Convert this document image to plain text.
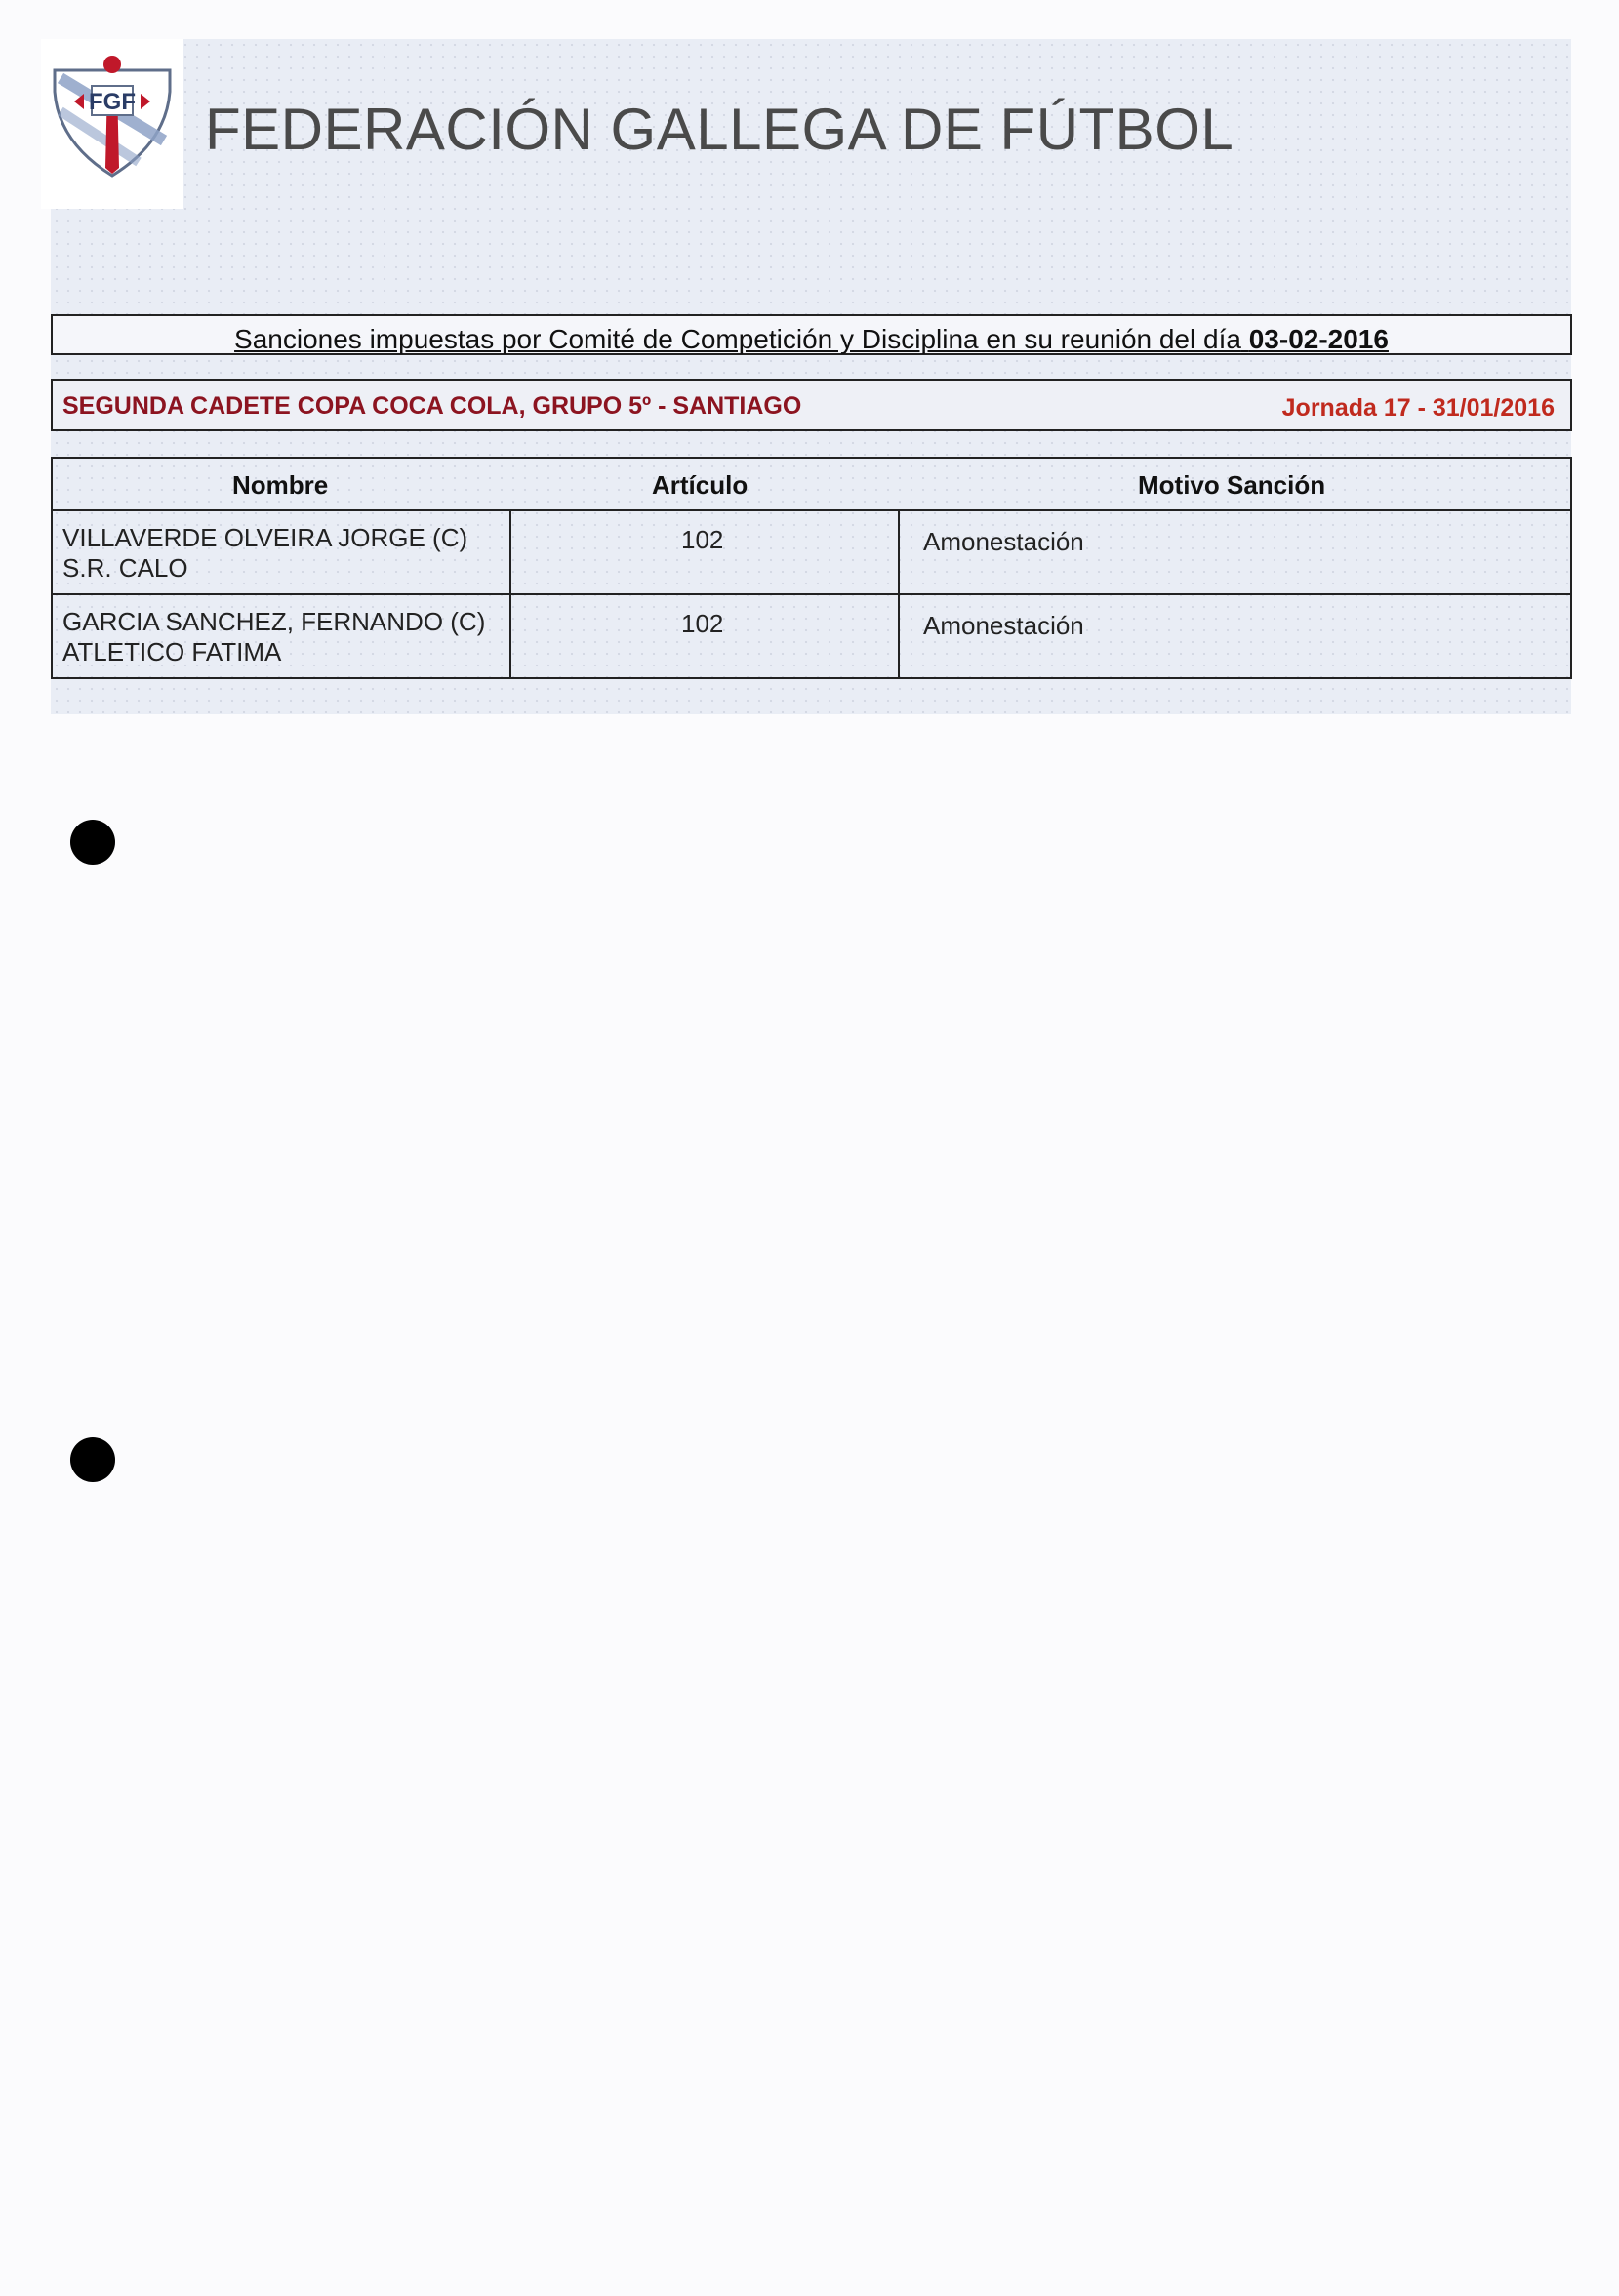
FGF FEDERACIÓN GALLEGA DE FÚTBOL
Sanciones impuestas por Comité de Competición y Disciplina en su reunión del día 03-02-2016
SEGUNDA CADETE COPA COCA COLA, GRUPO 5º - SANTIAGO	Jornada 17 - 31/01/2016
Nombre	Artículo	Motivo Sanción
VILLAVERDE OLVEIRA JORGE (C)
S.R. CALO
102	Amonestación
GARCIA SANCHEZ, FERNANDO (C)
ATLETICO FATIMA
102	Amonestación
